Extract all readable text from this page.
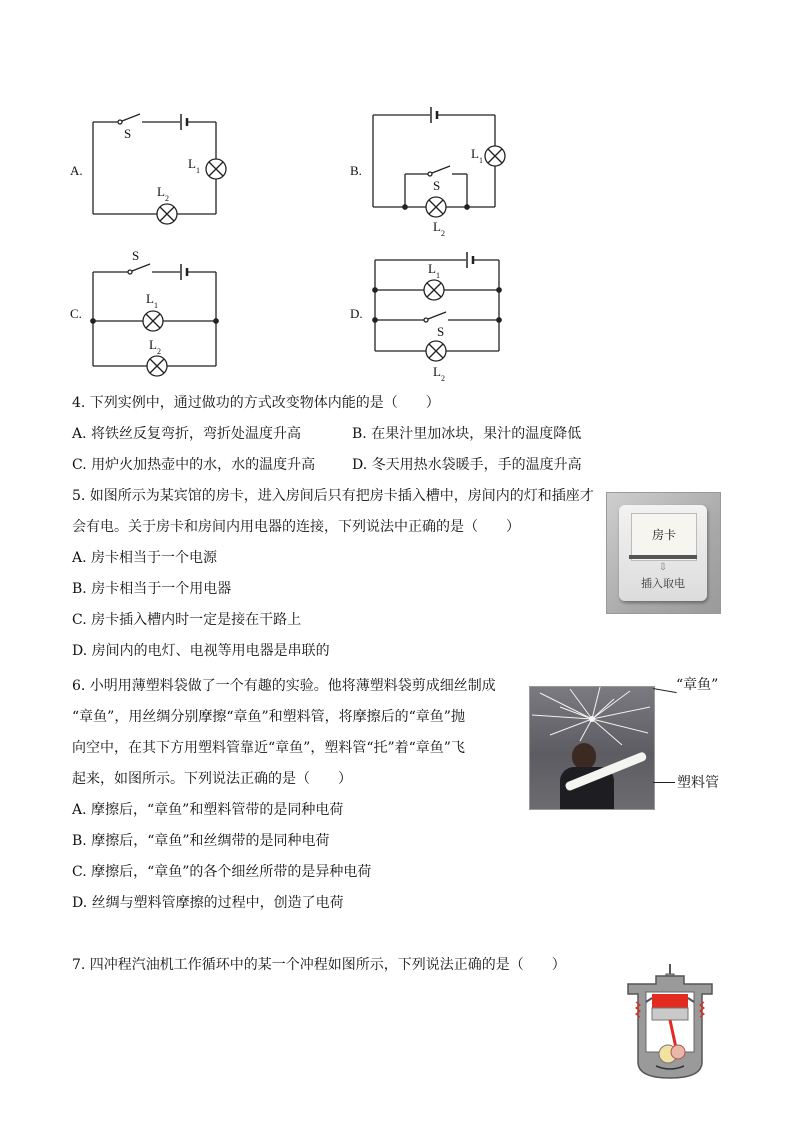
A.
S
L 1
L 2
B.
S
L 1
L 2
C.
S
L 1
L 2
D.
S
L 1
L 2
4. 下列实例中，通过做功的方式改变物体内能的是（　　）
A. 将铁丝反复弯折，弯折处温度升高	B. 在果汁里加冰块，果汁的温度降低
C. 用炉火加热壶中的水，水的温度升高	D. 冬天用热水袋暖手，手的温度升高
5. 如图所示为某宾馆的房卡，进入房间后只有把房卡插入槽中，房间内的灯和插座才
会有电。关于房卡和房间内用电器的连接，下列说法中正确的是（　　）
A. 房卡相当于一个电源
B. 房卡相当于一个用电器
C. 房卡插入槽内时一定是接在干路上
D. 房间内的电灯、电视等用电器是串联的
房卡
⇩
插入取电
6. 小明用薄塑料袋做了一个有趣的实验。他将薄塑料袋剪成细丝制成
“章鱼”，用丝绸分别摩擦“章鱼”和塑料管，将摩擦后的“章鱼”抛
向空中，在其下方用塑料管靠近“章鱼”，塑料管“托”着“章鱼”飞
起来，如图所示。下列说法正确的是（　　）
A. 摩擦后，“章鱼”和塑料管带的是同种电荷
B. 摩擦后，“章鱼”和丝绸带的是同种电荷
C. 摩擦后，“章鱼”的各个细丝所带的是异种电荷
D. 丝绸与塑料管摩擦的过程中，创造了电荷
“章鱼”
塑料管
7. 四冲程汽油机工作循环中的某一个冲程如图所示，下列说法正确的是（　　）
